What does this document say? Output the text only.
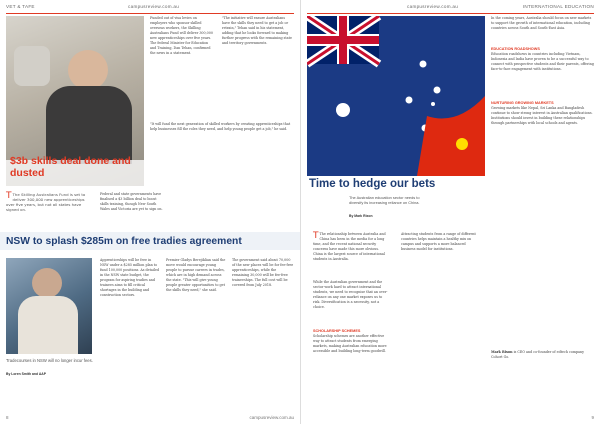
VET & TAFE	campusreview.com.au
$3b skills deal done and dusted
T The Skilling Australians Fund is set to deliver 300,000 new apprenticeships over five years, but not all states have signed on.
Federal and state governments have finalised a $3 billion deal to boost skills training, though New South Wales and Victoria are yet to sign on.
Funded out of visa levies on employers who sponsor skilled overseas workers, the Skilling Australians Fund will deliver 300,000 new apprenticeships over five years. The federal Minister for Education and Training, Dan Tehan, confirmed the news in a statement.
"The initiative will ensure Australians have the skills they need to get a job or retrain," Tehan said in his statement, adding that he looks forward to making further progress with the remaining state and territory governments.
"It will fund the next generation of skilled workers by creating apprenticeships that help businesses fill the roles they need, and help young people get a job," he said.
NSW to splash $285m on free tradies agreement
Tradecourses in NSW will no longer incur fees.
By Loren Smith and AAP
Apprenticeships will be free in NSW under a $285 million plan to fund 100,000 positions. As detailed in the NSW state budget, the program for aspiring tradies and trainees aims to fill critical shortages in the building and construction sectors.
Premier Gladys Berejiklian said the move would encourage young people to pursue careers in trades, which are in high demand across the state. "This will give young people greater opportunities to get the skills they need," she said.
The government said about 70,000 of the new places will be for fee-free apprenticeships, while the remaining 30,000 will be fee-free traineeships. The full cost will be covered from July 2018.
8	campusreview.com.au
campusreview.com.au	INTERNATIONAL EDUCATION
In the coming years, Australia should focus on new markets to support the growth of international education, including countries across South and South-East Asia.
EDUCATION ROADSHOWS
Education roadshows in countries including Vietnam, Indonesia and India have proven to be a successful way to connect with prospective students and their parents, offering face-to-face engagement with institutions.
NURTURING GROWING MARKETS
Growing markets like Nepal, Sri Lanka and Bangladesh continue to show strong interest in Australian qualifications. Institutions should invest in building these relationships through partnerships with local schools and agents.
Time to hedge our bets
The Australian education sector needs to diversify its increasing reliance on China.
By Mark Rixon
T The relationship between Australia and China has been in the media for a long time, and the recent national security concerns have made this more obvious. China is the largest source of international students in Australia.
While the Australian government and the sector work hard to attract international students, we need to recognise that an over-reliance on any one market exposes us to risk. Diversification is a necessity, not a choice.
SCHOLARSHIP SCHEMES
Scholarship schemes are another effective way to attract students from emerging markets, making Australian education more accessible and building long-term goodwill.
Attracting students from a range of different countries helps maintain a healthy mix on campus and supports a more balanced business model for institutions.
Mark Rixon is CEO and co-founder of edtech company Cohort Go.
9
